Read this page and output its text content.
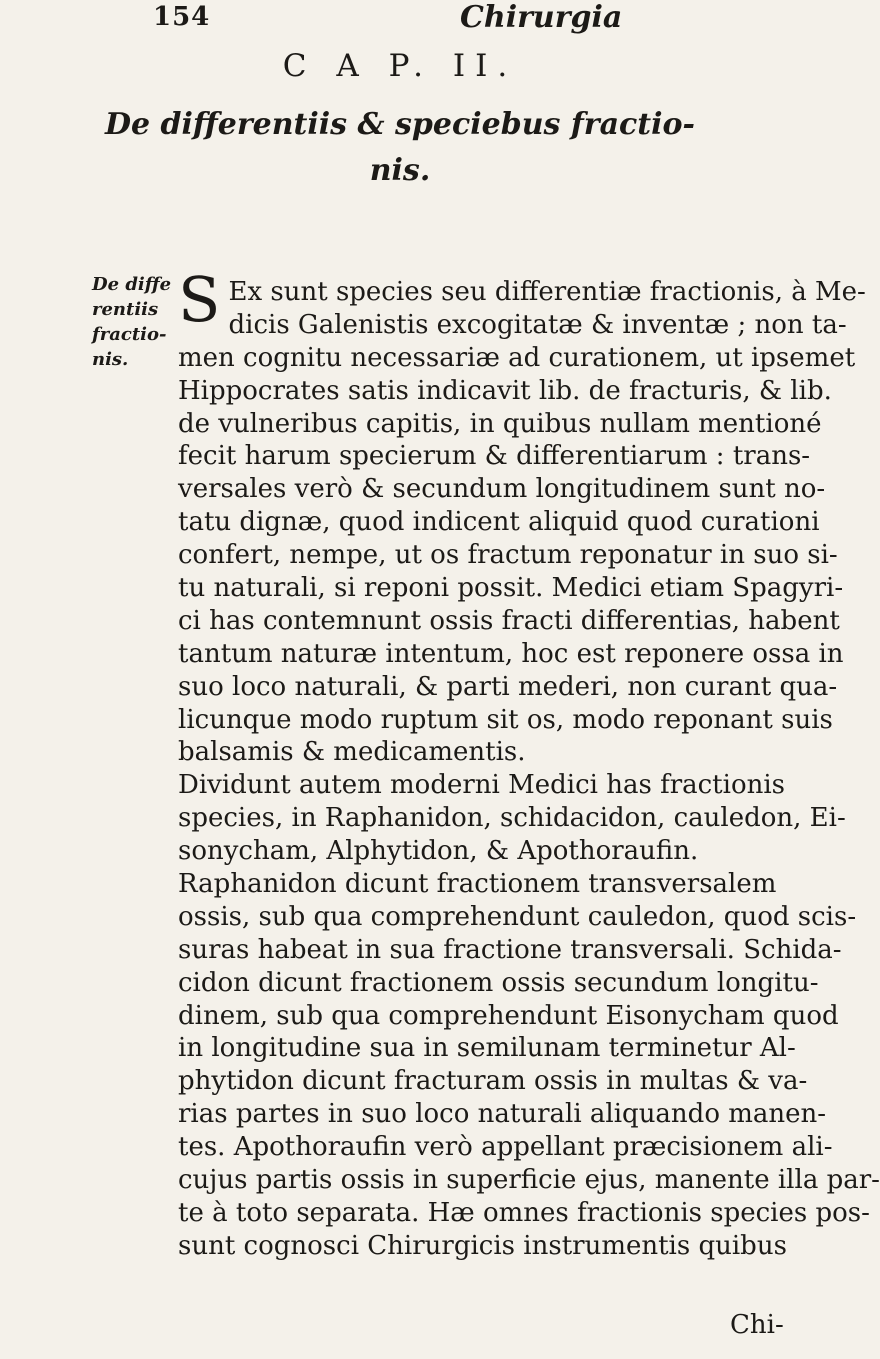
154	Chirurgia
C A P. II.
De differentiis & speciebus fractio-
nis.
De diffe
rentiis
fractio-
nis.
S Ex sunt species seu differentiæ fractionis, à Me-
dicis Galenistis excogitatæ & inventæ ; non ta-
men cognitu necessariæ ad curationem, ut ipsemet
Hippocrates satis indicavit lib. de fracturis, & lib.
de vulneribus capitis, in quibus nullam mentioné
fecit harum specierum & differentiarum : trans-
versales verò & secundum longitudinem sunt no-
tatu dignæ, quod indicent aliquid quod curationi
confert, nempe, ut os fractum reponatur in suo si-
tu naturali, si reponi possit. Medici etiam Spagyri-
ci has contemnunt ossis fracti differentias, habent
tantum naturæ intentum, hoc est reponere ossa in
suo loco naturali, & parti mederi, non curant qua-
licunque modo ruptum sit os, modo reponant suis
balsamis & medicamentis.
Dividunt autem moderni Medici has fractionis
species, in Raphanidon, schidacidon, cauledon, Ei-
sonycham, Alphytidon, & Apothoraufin.
Raphanidon dicunt fractionem transversalem
ossis, sub qua comprehendunt cauledon, quod scis-
suras habeat in sua fractione transversali. Schida-
cidon dicunt fractionem ossis secundum longitu-
dinem, sub qua comprehendunt Eisonycham quod
in longitudine sua in semilunam terminetur Al-
phytidon dicunt fracturam ossis in multas & va-
rias partes in suo loco naturali aliquando manen-
tes. Apothoraufin verò appellant præcisionem ali-
cujus partis ossis in superficie ejus, manente illa par-
te à toto separata. Hæ omnes fractionis species pos-
sunt cognosci Chirurgicis instrumentis quibus
Chi-
